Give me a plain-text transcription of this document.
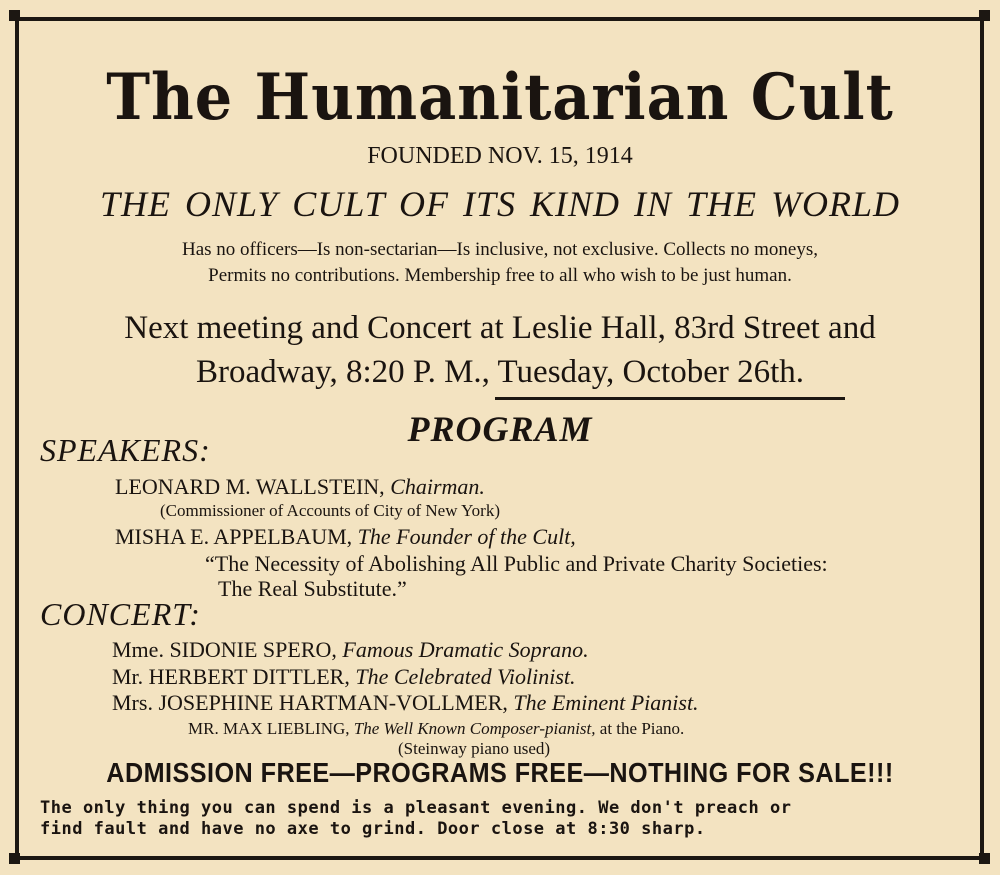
The Humanitarian Cult
FOUNDED NOV. 15, 1914
THE ONLY CULT OF ITS KIND IN THE WORLD
Has no officers—Is non-sectarian—Is inclusive, not exclusive. Collects no moneys,
Permits no contributions. Membership free to all who wish to be just human.
Next meeting and Concert at Leslie Hall, 83rd Street and
Broadway, 8:20 P. M., Tuesday, October 26th.
PROGRAM
SPEAKERS:
LEONARD M. WALLSTEIN, Chairman.
(Commissioner of Accounts of City of New York)
MISHA E. APPELBAUM, The Founder of the Cult,
“The Necessity of Abolishing All Public and Private Charity Societies:
The Real Substitute.”
CONCERT:
Mme. SIDONIE SPERO, Famous Dramatic Soprano.
Mr. HERBERT DITTLER, The Celebrated Violinist.
Mrs. JOSEPHINE HARTMAN-VOLLMER, The Eminent Pianist.
MR. MAX LIEBLING, The Well Known Composer-pianist, at the Piano.
(Steinway piano used)
ADMISSION FREE—PROGRAMS FREE—NOTHING FOR SALE!!!
The only thing you can spend is a pleasant evening. We don't preach or
find fault and have no axe to grind. Door close at 8:30 sharp.
